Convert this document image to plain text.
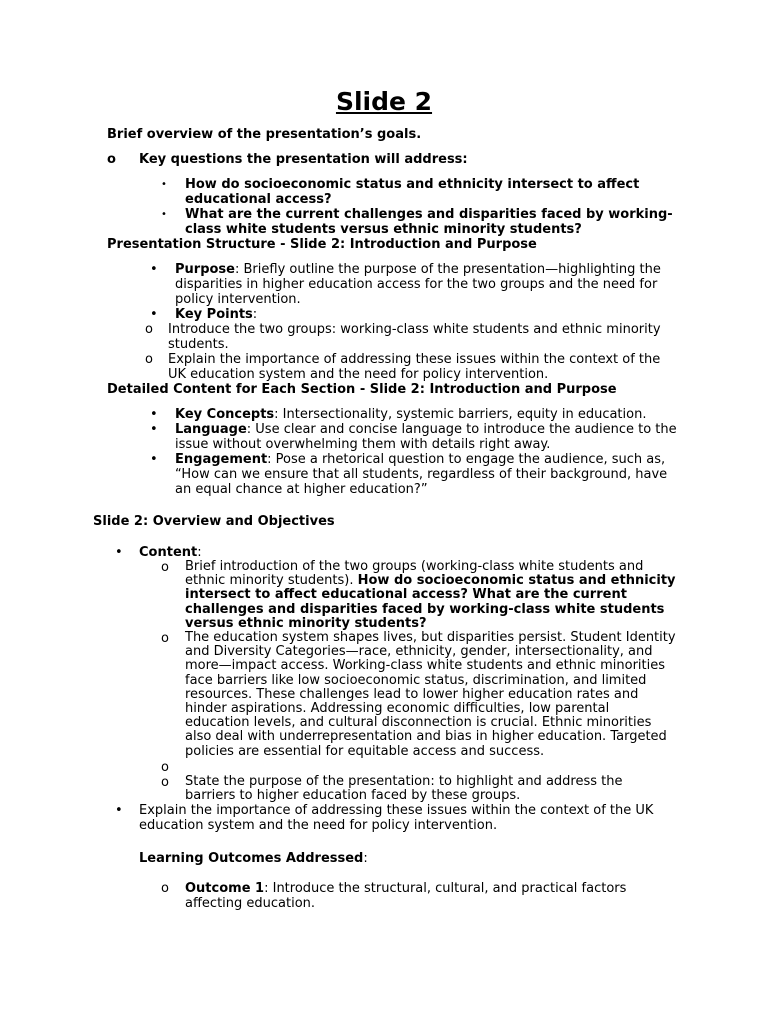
Slide 2
Brief overview of the presentation’s goals.
o Key questions the presentation will address:
• How do socioeconomic status and ethnicity intersect to affect educational access?
• What are the current challenges and disparities faced by working-class white students versus ethnic minority students?
Presentation Structure - Slide 2: Introduction and Purpose
• Purpose: Briefly outline the purpose of the presentation—highlighting the disparities in higher education access for the two groups and the need for policy intervention.
• Key Points:
o Introduce the two groups: working-class white students and ethnic minority students.
o Explain the importance of addressing these issues within the context of the UK education system and the need for policy intervention.
Detailed Content for Each Section - Slide 2: Introduction and Purpose
• Key Concepts: Intersectionality, systemic barriers, equity in education.
• Language: Use clear and concise language to introduce the audience to the issue without overwhelming them with details right away.
• Engagement: Pose a rhetorical question to engage the audience, such as, “How can we ensure that all students, regardless of their background, have an equal chance at higher education?”
Slide 2: Overview and Objectives
• Content:
o Brief introduction of the two groups (working-class white students and ethnic minority students). How do socioeconomic status and ethnicity intersect to affect educational access? What are the current challenges and disparities faced by working-class white students versus ethnic minority students?
o The education system shapes lives, but disparities persist. Student Identity and Diversity Categories—race, ethnicity, gender, intersectionality, and more—impact access. Working-class white students and ethnic minorities face barriers like low socioeconomic status, discrimination, and limited resources. These challenges lead to lower higher education rates and hinder aspirations. Addressing economic difficulties, low parental education levels, and cultural disconnection is crucial. Ethnic minorities also deal with underrepresentation and bias in higher education. Targeted policies are essential for equitable access and success.
o
o State the purpose of the presentation: to highlight and address the barriers to higher education faced by these groups.
• Explain the importance of addressing these issues within the context of the UK education system and the need for policy intervention.
Learning Outcomes Addressed:
o Outcome 1: Introduce the structural, cultural, and practical factors affecting education.
